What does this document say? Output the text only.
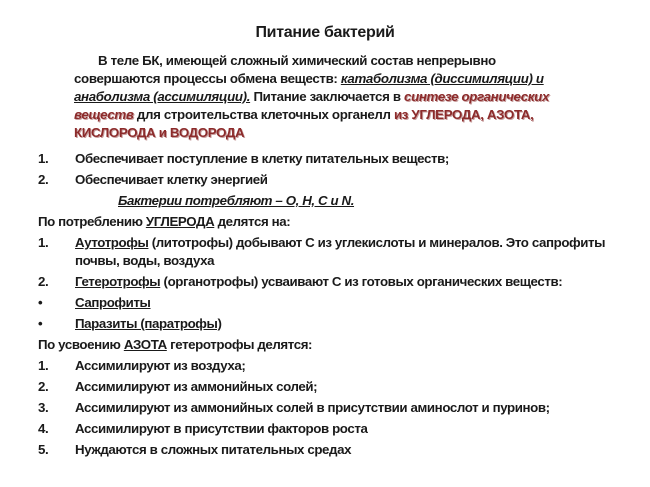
Питание бактерий
В теле БК, имеющей сложный химический состав непрерывно совершаются процессы обмена веществ: катаболизма (диссимиляции) и анаболизма (ассимиляции). Питание заключается в синтезе органических веществ для строительства клеточных органелл из УГЛЕРОДА, АЗОТА, КИСЛОРОДА и ВОДОРОДА
1. Обеспечивает поступление в клетку питательных веществ;
2. Обеспечивает клетку энергией
Бактерии потребляют – О, Н, С и N.
По потреблению УГЛЕРОДА делятся на:
1. Аутотрофы (литотрофы) добывают С из углекислоты и минералов. Это сапрофиты почвы, воды, воздуха
2. Гетеротрофы (органотрофы) усваивают С из готовых органических веществ:
• Сапрофиты
• Паразиты (паратрофы)
По усвоению АЗОТА гетеротрофы делятся:
1. Ассимилируют из воздуха;
2. Ассимилируют из аммонийных солей;
3. Ассимилируют из аммонийных солей в присутствии аминослот и пуринов;
4. Ассимилируют в присутствии факторов роста
5. Нуждаются в сложных питательных средах
